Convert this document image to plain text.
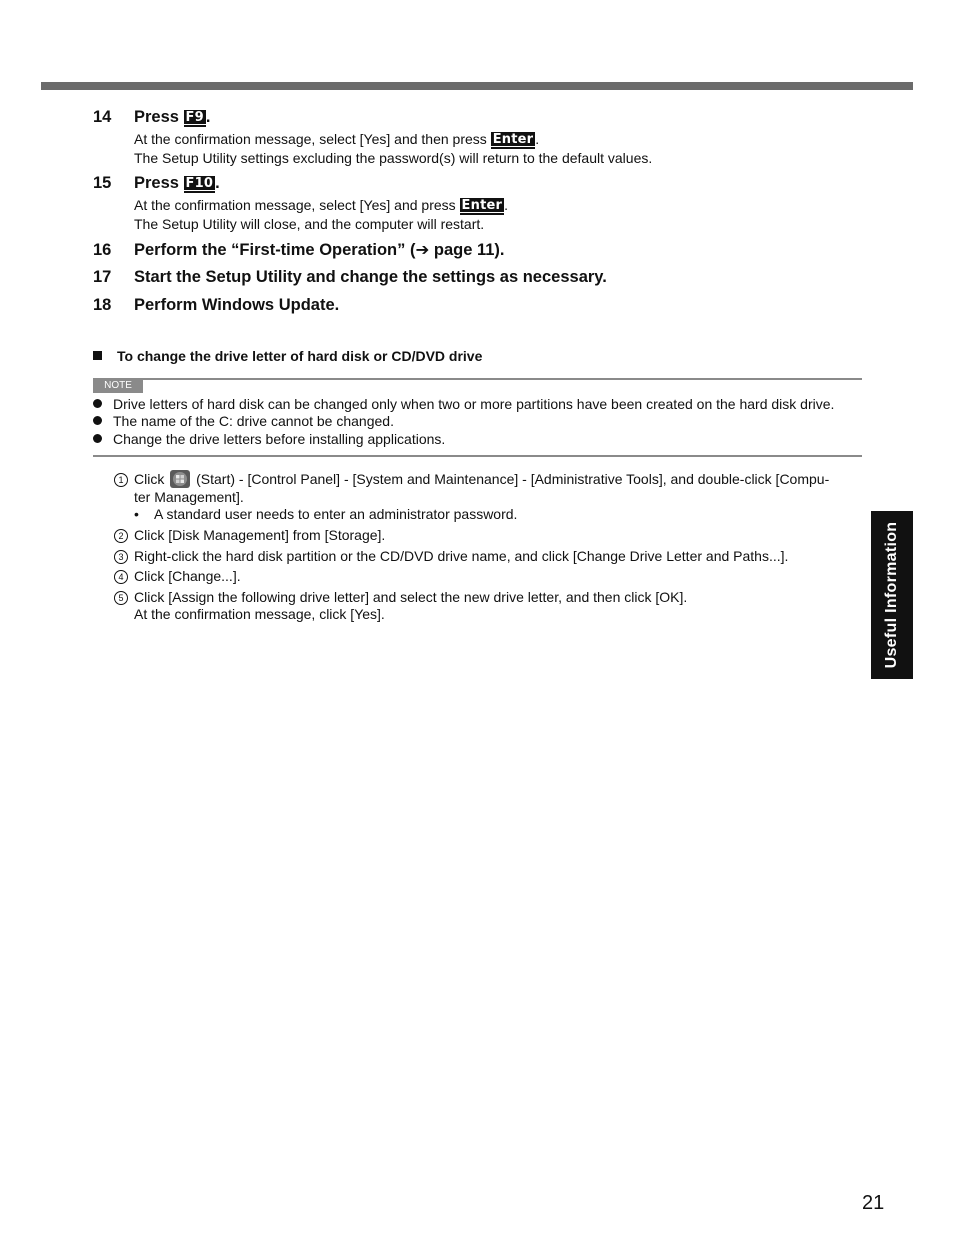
14 Press F9 .
At the confirmation message, select [Yes] and then press Enter .
The Setup Utility settings excluding the password(s) will return to the default values.
15 Press F10 .
At the confirmation message, select [Yes] and press Enter .
The Setup Utility will close, and the computer will restart.
16 Perform the “First-time Operation” (➔ page 11).
17 Start the Setup Utility and change the settings as necessary.
18 Perform Windows Update.
To change the drive letter of hard disk or CD/DVD drive
NOTE
Drive letters of hard disk can be changed only when two or more partitions have been created on the hard disk drive.
The name of the C: drive cannot be changed.
Change the drive letters before installing applications.
1 Click  (Start) - [Control Panel] - [System and Maintenance] - [Administrative Tools], and double-click [Compu-
ter Management].
• A standard user needs to enter an administrator password.
2 Click [Disk Management] from [Storage].
3 Right-click the hard disk partition or the CD/DVD drive name, and click [Change Drive Letter and Paths...].
4 Click [Change...].
5 Click [Assign the following drive letter] and select the new drive letter, and then click [OK].
At the confirmation message, click [Yes].	Useful Information
21
